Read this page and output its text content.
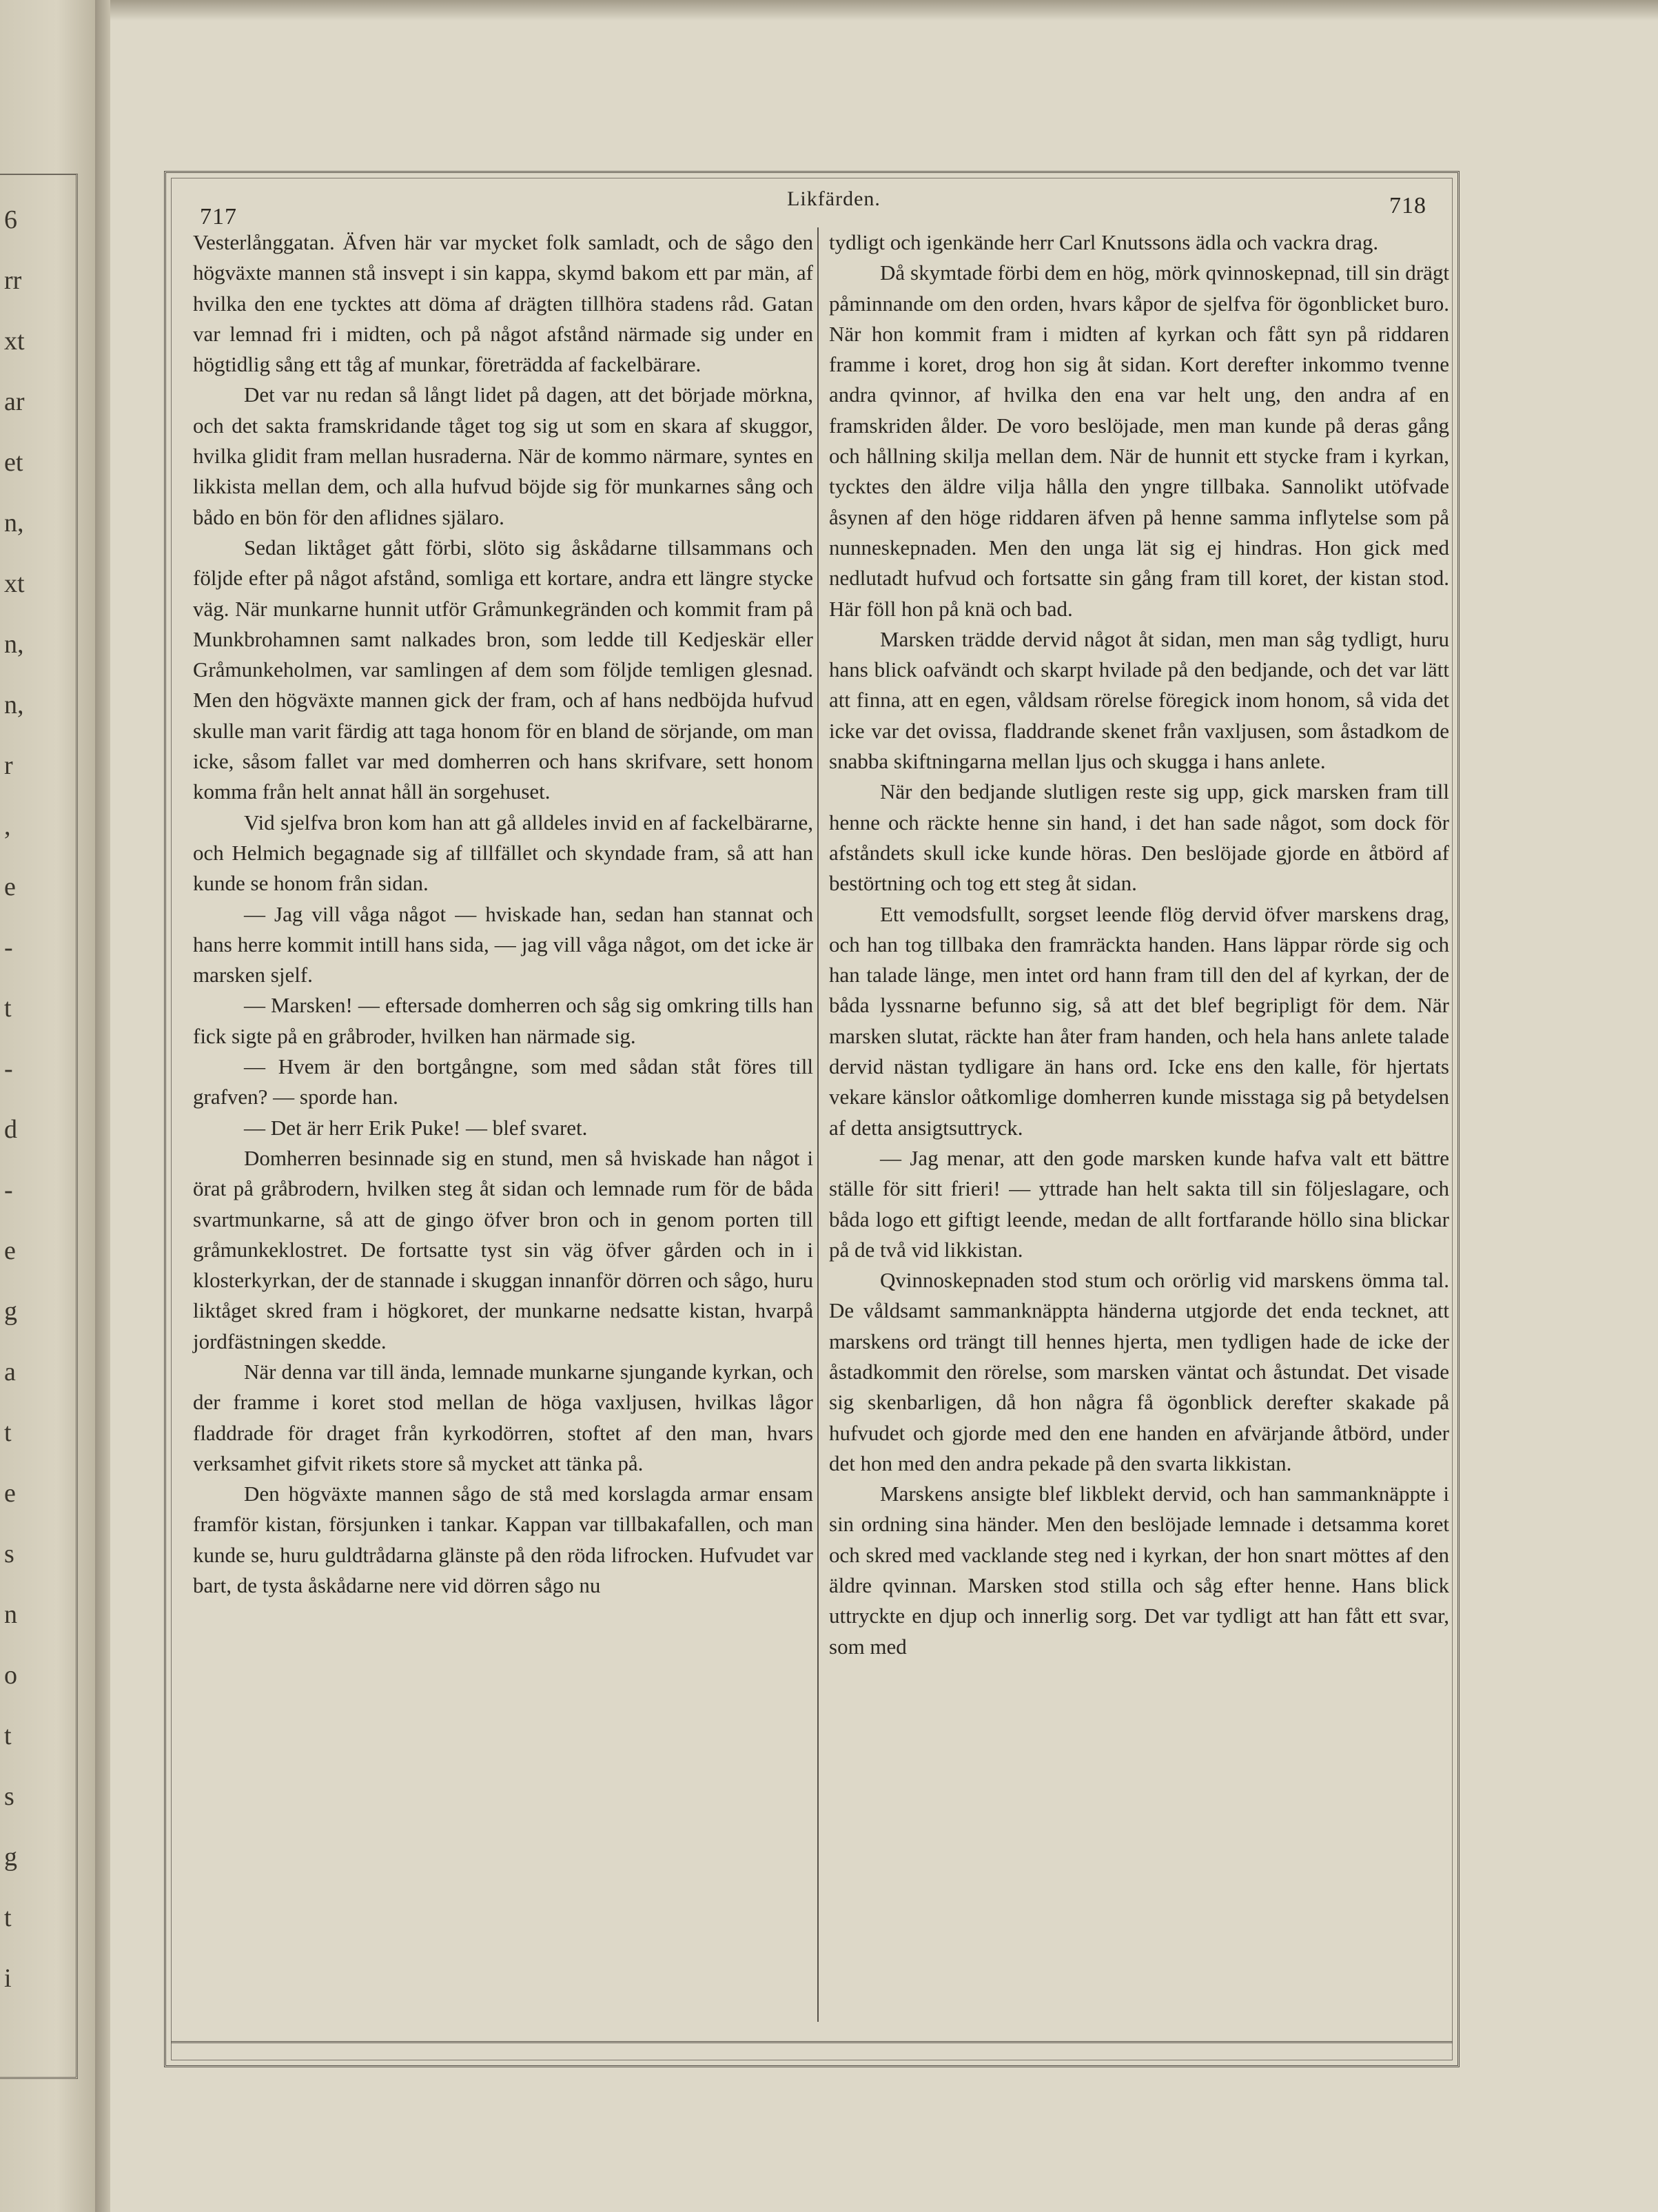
6
rr
xt
ar
et
n,
xt
n,
n,
r
,
e
-
t
-
d
-
e
g
a
t
e
s
n
o
t
s
g
t
i
717
Likfärden.	718

Vesterlånggatan. Äfven här var mycket folk samladt, och de sågo den högväxte mannen stå insvept i sin kappa, skymd bakom ett par män, af hvilka den ene tycktes att döma af drägten tillhöra stadens råd. Gatan var lemnad fri i midten, och på något afstånd närmade sig under en högtidlig sång ett tåg af munkar, företrädda af fackelbärare.

Det var nu redan så långt lidet på dagen, att det började mörkna, och det sakta framskridande tåget tog sig ut som en skara af skuggor, hvilka glidit fram mellan husraderna. När de kommo närmare, syntes en likkista mellan dem, och alla hufvud böjde sig för munkarnes sång och bådo en bön för den aflidnes själaro.

Sedan liktåget gått förbi, slöto sig åskådarne tillsammans och följde efter på något afstånd, somliga ett kortare, andra ett längre stycke väg. När munkarne hunnit utför Gråmunkegränden och kommit fram på Munkbrohamnen samt nalkades bron, som ledde till Kedjeskär eller Gråmunkeholmen, var samlingen af dem som följde temligen glesnad. Men den högväxte mannen gick der fram, och af hans nedböjda hufvud skulle man varit färdig att taga honom för en bland de sörjande, om man icke, såsom fallet var med domherren och hans skrifvare, sett honom komma från helt annat håll än sorgehuset.

Vid sjelfva bron kom han att gå alldeles invid en af fackelbärarne, och Helmich begagnade sig af tillfället och skyndade fram, så att han kunde se honom från sidan.

— Jag vill våga något — hviskade han, sedan han stannat och hans herre kommit intill hans sida, — jag vill våga något, om det icke är marsken sjelf.

— Marsken! — eftersade domherren och såg sig omkring tills han fick sigte på en gråbroder, hvilken han närmade sig.

— Hvem är den bortgångne, som med sådan ståt föres till grafven? — sporde han.

— Det är herr Erik Puke! — blef svaret.

Domherren besinnade sig en stund, men så hviskade han något i örat på gråbrodern, hvilken steg åt sidan och lemnade rum för de båda svartmunkarne, så att de gingo öfver bron och in genom porten till gråmunkeklostret. De fortsatte tyst sin väg öfver gården och in i klosterkyrkan, der de stannade i skuggan innanför dörren och sågo, huru liktåget skred fram i högkoret, der munkarne nedsatte kistan, hvarpå jordfästningen skedde.

När denna var till ända, lemnade munkarne sjungande kyrkan, och der framme i koret stod mellan de höga vaxljusen, hvilkas lågor fladdrade för draget från kyrkodörren, stoftet af den man, hvars verksamhet gifvit rikets store så mycket att tänka på.

Den högväxte mannen sågo de stå med korslagda armar ensam framför kistan, försjunken i tankar. Kappan var tillbakafallen, och man kunde se, huru guldtrådarna glänste på den röda lifrocken. Hufvudet var bart, de tysta åskådarne nere vid dörren sågo nu

tydligt och igenkände herr Carl Knutssons ädla och vackra drag.

Då skymtade förbi dem en hög, mörk qvinnoskepnad, till sin drägt påminnande om den orden, hvars kåpor de sjelfva för ögonblicket buro. När hon kommit fram i midten af kyrkan och fått syn på riddaren framme i koret, drog hon sig åt sidan. Kort derefter inkommo tvenne andra qvinnor, af hvilka den ena var helt ung, den andra af en framskriden ålder. De voro beslöjade, men man kunde på deras gång och hållning skilja mellan dem. När de hunnit ett stycke fram i kyrkan, tycktes den äldre vilja hålla den yngre tillbaka. Sannolikt utöfvade åsynen af den höge riddaren äfven på henne samma inflytelse som på nunneskepnaden. Men den unga lät sig ej hindras. Hon gick med nedlutadt hufvud och fortsatte sin gång fram till koret, der kistan stod. Här föll hon på knä och bad.

Marsken trädde dervid något åt sidan, men man såg tydligt, huru hans blick oafvändt och skarpt hvilade på den bedjande, och det var lätt att finna, att en egen, våldsam rörelse föregick inom honom, så vida det icke var det ovissa, fladdrande skenet från vaxljusen, som åstadkom de snabba skiftningarna mellan ljus och skugga i hans anlete.

När den bedjande slutligen reste sig upp, gick marsken fram till henne och räckte henne sin hand, i det han sade något, som dock för afståndets skull icke kunde höras. Den beslöjade gjorde en åtbörd af bestörtning och tog ett steg åt sidan.

Ett vemodsfullt, sorgset leende flög dervid öfver marskens drag, och han tog tillbaka den framräckta handen. Hans läppar rörde sig och han talade länge, men intet ord hann fram till den del af kyrkan, der de båda lyssnarne befunno sig, så att det blef begripligt för dem. När marsken slutat, räckte han åter fram handen, och hela hans anlete talade dervid nästan tydligare än hans ord. Icke ens den kalle, för hjertats vekare känslor oåtkomlige domherren kunde misstaga sig på betydelsen af detta ansigtsuttryck.

— Jag menar, att den gode marsken kunde hafva valt ett bättre ställe för sitt frieri! — yttrade han helt sakta till sin följeslagare, och båda logo ett giftigt leende, medan de allt fortfarande höllo sina blickar på de två vid likkistan.

Qvinnoskepnaden stod stum och orörlig vid marskens ömma tal. De våldsamt sammanknäppta händerna utgjorde det enda tecknet, att marskens ord trängt till hennes hjerta, men tydligen hade de icke der åstadkommit den rörelse, som marsken väntat och åstundat. Det visade sig skenbarligen, då hon några få ögonblick derefter skakade på hufvudet och gjorde med den ene handen en afvärjande åtbörd, under det hon med den andra pekade på den svarta likkistan.

Marskens ansigte blef likblekt dervid, och han sammanknäppte i sin ordning sina händer. Men den beslöjade lemnade i detsamma koret och skred med vacklande steg ned i kyrkan, der hon snart möttes af den äldre qvinnan. Marsken stod stilla och såg efter henne. Hans blick uttryckte en djup och innerlig sorg. Det var tydligt att han fått ett svar, som med
